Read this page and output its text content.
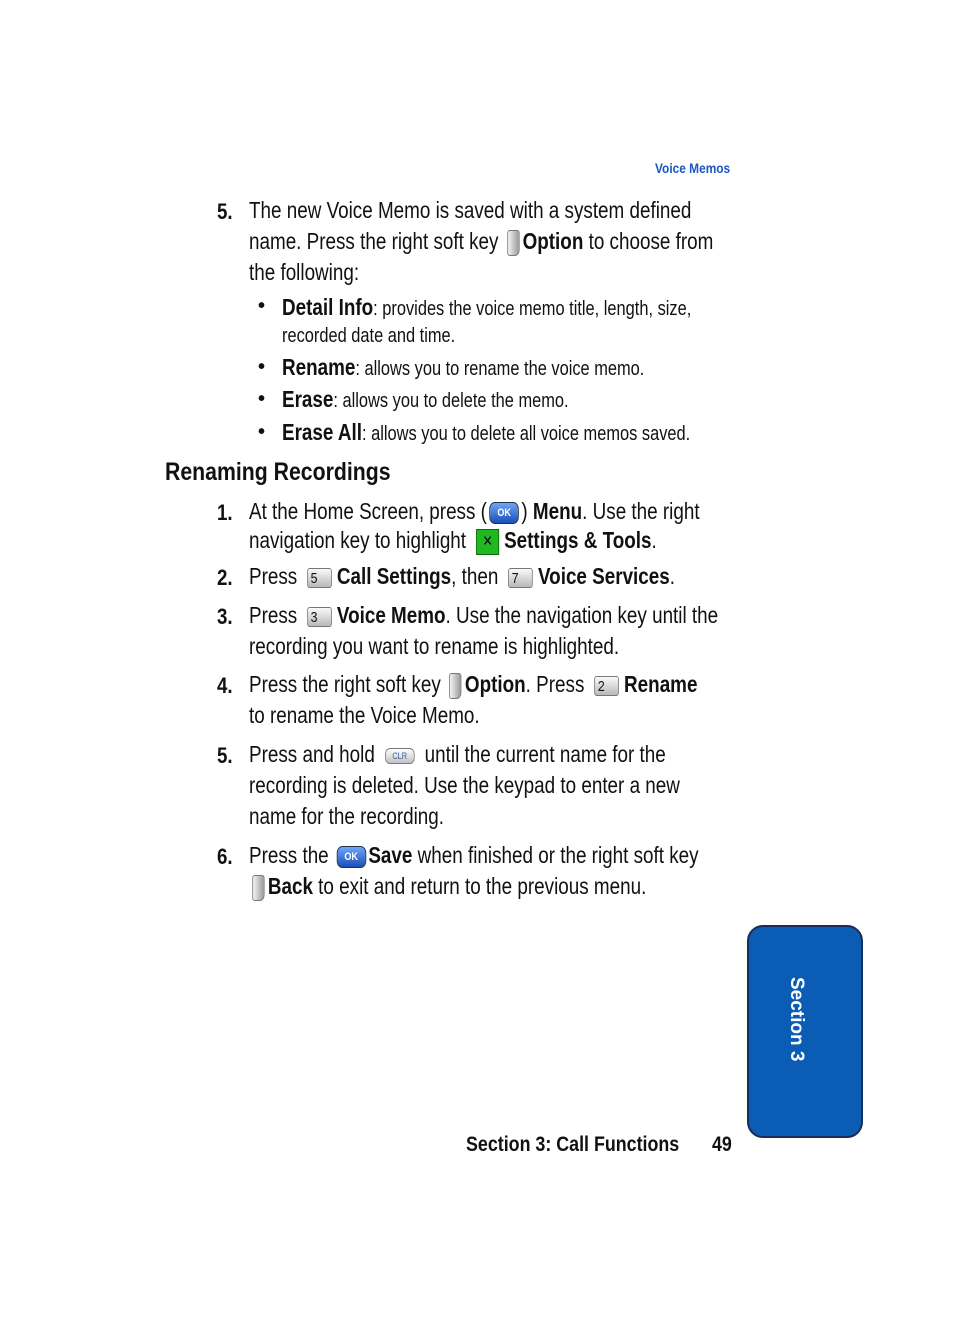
Voice Memos
5. The new Voice Memo is saved with a system defined
name. Press the right soft key Option to choose from
the following:
• Detail Info: provides the voice memo title, length, size,
recorded date and time.
• Rename: allows you to rename the voice memo.
• Erase: allows you to delete the memo.
• Erase All: allows you to delete all voice memos saved.
Renaming Recordings
1. At the Home Screen, press ( OK ) Menu. Use the right
navigation key to highlight ✕ Settings & Tools.
2. Press 5 Call Settings, then 7 Voice Services.
3. Press 3 Voice Memo. Use the navigation key until the
recording you want to rename is highlighted.
4. Press the right soft key Option. Press 2 Rename
to rename the Voice Memo.
5. Press and hold CLR until the current name for the
recording is deleted. Use the keypad to enter a new
name for the recording.
6. Press the OK Save when finished or the right soft key
Back to exit and return to the previous menu.
Section 3
Section 3: Call Functions 49
